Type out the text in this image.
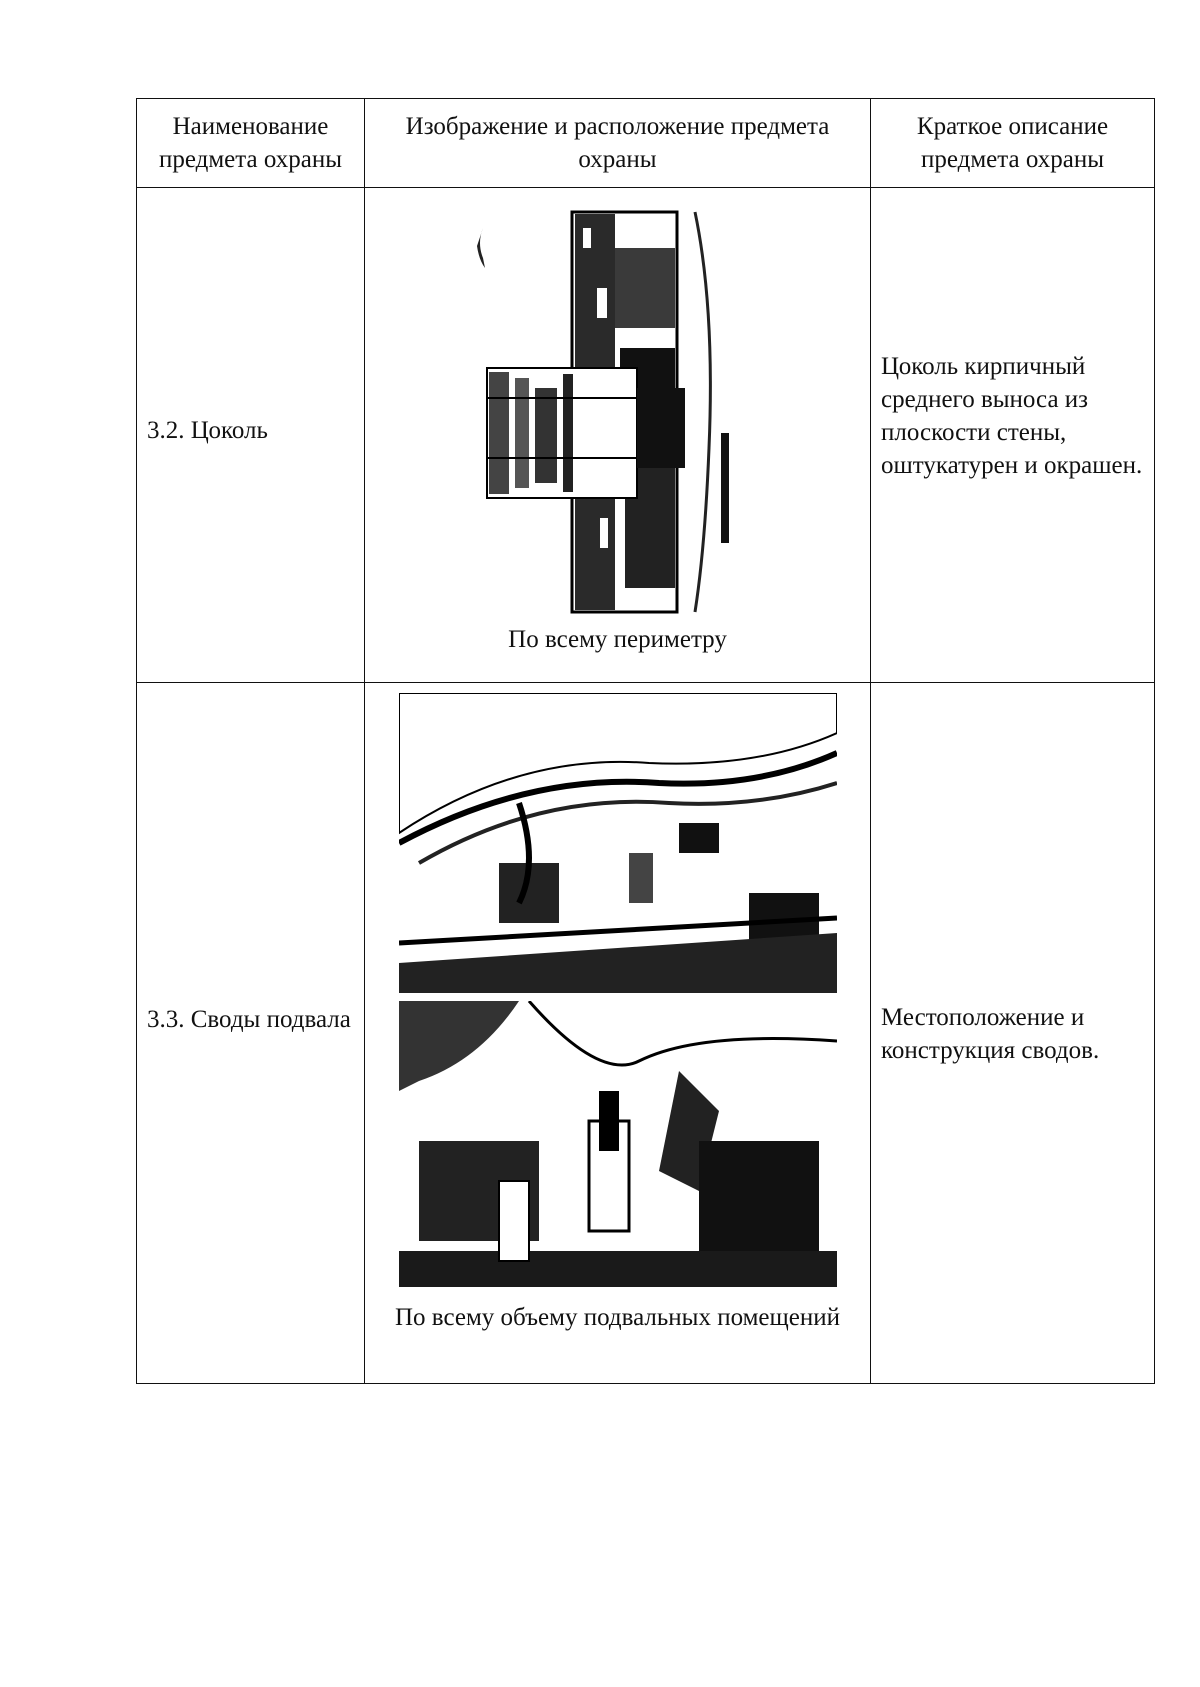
Наименование предмета охраны	Изображение и расположение предмета охраны	Краткое описание предмета охраны

3.2. Цоколь	По всему периметру	Цоколь кирпичный среднего выноса из плоскости стены, оштукатурен и окрашен.

3.3. Своды подвала	По всему объему подвальных помещений	Местоположение и конструкция сводов.
